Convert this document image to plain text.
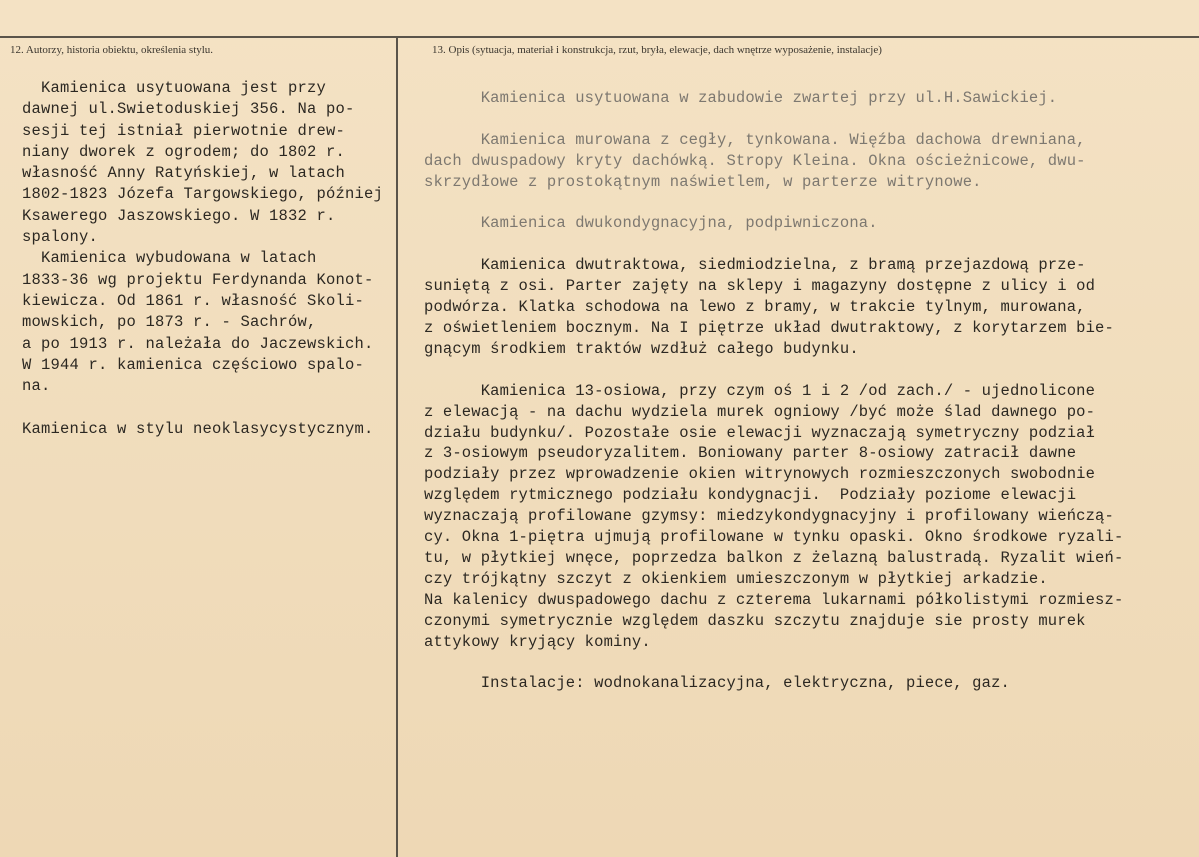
12. Autorzy, historia obiektu, określenia stylu.	13. Opis (sytuacja, materiał i konstrukcja, rzut, bryła, elewacje, dach wnętrze wyposażenie, instalacje)
Kamienica usytuowana jest przy
dawnej ul.Swietoduskiej 356. Na po-
sesji tej istniał pierwotnie drew-
niany dworek z ogrodem; do 1802 r.
własność Anny Ratyńskiej, w latach
1802-1823 Józefa Targowskiego, później
Ksawerego Jaszowskiego. W 1832 r.
spalony.
Kamienica wybudowana w latach
1833-36 wg projektu Ferdynanda Konot-
kiewicza. Od 1861 r. własność Skoli-
mowskich, po 1873 r. - Sachrów,
a po 1913 r. należała do Jaczewskich.
W 1944 r. kamienica częściowo spalo-
na.

Kamienica w stylu neoklasycystycznym.
Kamienica usytuowana w zabudowie zwartej przy ul.H.Sawickiej.

Kamienica murowana z cegły, tynkowana. Więźba dachowa drewniana,
dach dwuspadowy kryty dachówką. Stropy Kleina. Okna ościeżnicowe, dwu-
skrzydłowe z prostokątnym naświetlem, w parterze witrynowe.

Kamienica dwukondygnacyjna, podpiwniczona.

Kamienica dwutraktowa, siedmiodzielna, z bramą przejazdową prze-
suniętą z osi. Parter zajęty na sklepy i magazyny dostępne z ulicy i od
podwórza. Klatka schodowa na lewo z bramy, w trakcie tylnym, murowana,
z oświetleniem bocznym. Na I piętrze układ dwutraktowy, z korytarzem bie-
gnącym środkiem traktów wzdłuż całego budynku.

Kamienica 13-osiowa, przy czym oś 1 i 2 /od zach./ - ujednolicone
z elewacją - na dachu wydziela murek ogniowy /być może ślad dawnego po-
działu budynku/. Pozostałe osie elewacji wyznaczają symetryczny podział
z 3-osiowym pseudoryzalitem. Boniowany parter 8-osiowy zatracił dawne
podziały przez wprowadzenie okien witrynowych rozmieszczonych swobodnie
względem rytmicznego podziału kondygnacji.  Podziały poziome elewacji
wyznaczają profilowane gzymsy: miedzykondygnacyjny i profilowany wieńczą-
cy. Okna 1-piętra ujmują profilowane w tynku opaski. Okno środkowe ryzali-
tu, w płytkiej wnęce, poprzedza balkon z żelazną balustradą. Ryzalit wień-
czy trójkątny szczyt z okienkiem umieszczonym w płytkiej arkadzie.
Na kalenicy dwuspadowego dachu z czterema lukarnami półkolistymi rozmiesz-
czonymi symetrycznie względem daszku szczytu znajduje sie prosty murek
attykowy kryjący kominy.

Instalacje: wodnokanalizacyjna, elektryczna, piece, gaz.
